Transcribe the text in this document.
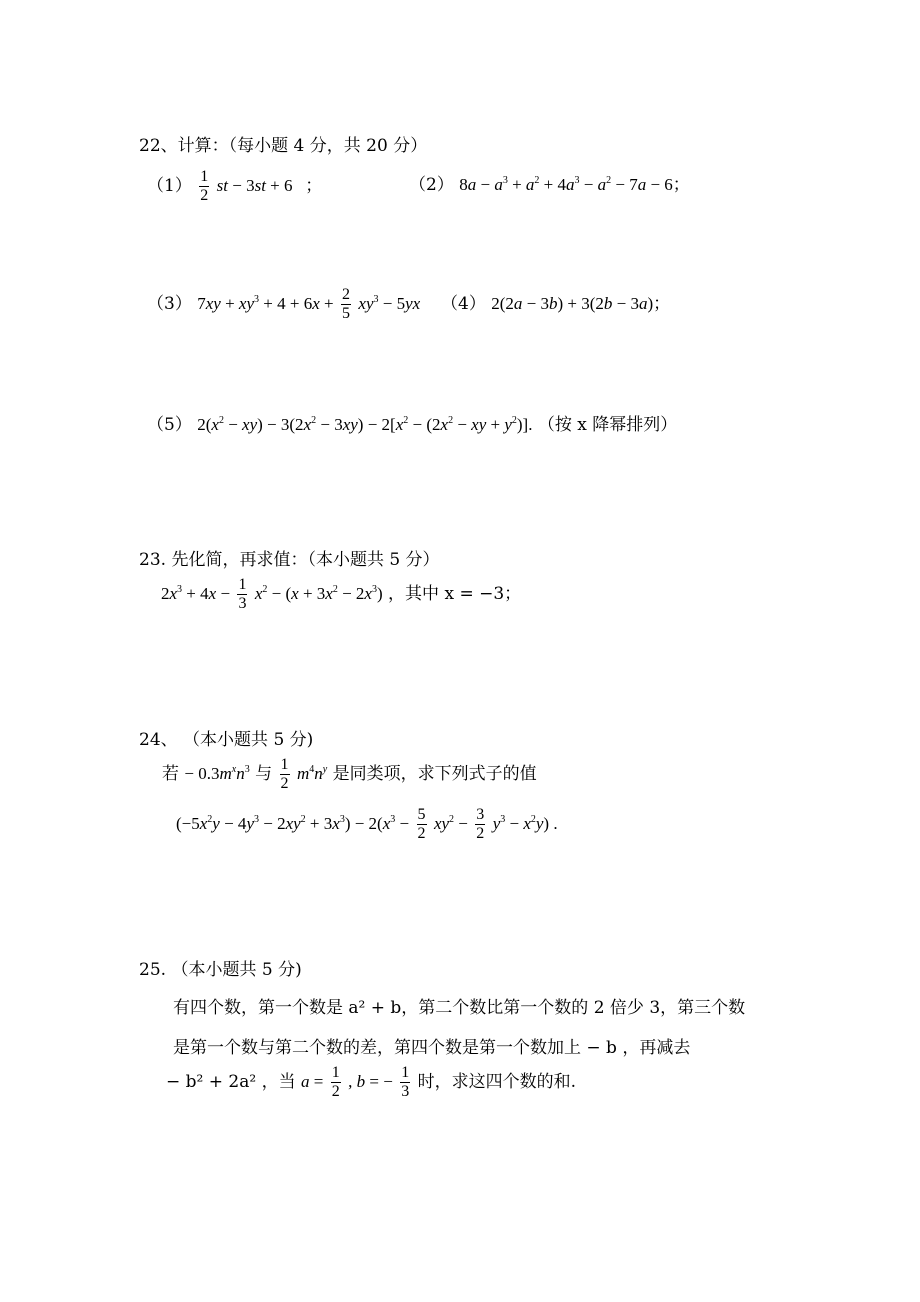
22、计算：（每小题 4 分，共 20 分）
$(1) \frac{1}{2}$ st − 3st + 6   ；	（2） $8a - a^3 + a^2 + 4a^3 - a^2 - 7a - 6$；
（3） $7xy + xy^3 + 4 + 6x + \frac{2}{5} xy^3 - 5yx$ （4） 2(2a − 3b) + 3(2b − 3a)；
（5） $2(x^2 - xy) - 3(2x^2 - 3xy) - 2[x^2 - (2x^2$ − xy + $y^2$)]. （按 x 降幂排列）
23. 先化简，再求值：（本小题共 5 分）
$2x^3 + 4x - \frac{1}{3} x^2 - (x + 3x^2 - 2x^3)$ ，其中 x = −3；
24、 （本小题共 5 分)
若 − $0.3m^xn^3$ 与 $\frac{1}{2} m^4n^y$ 是同类项，求下列式子的值
$(-5x^2y - 4y^3 - 2xy^2 + 3x^3) - 2(x^3 - \frac{5}{2} xy^2 - \frac{3}{2} y^3 - x^2y)$ .
25. （本小题共 5 分)
有四个数，第一个数是 a² + b，第二个数比第一个数的 2 倍少 3，第三个数
是第一个数与第二个数的差，第四个数是第一个数加上 − b ，再减去
− b² + 2a² ，当 $a = \frac{1}{2}$ , b = − $\frac{1}{3}$ 时，求这四个数的和.
